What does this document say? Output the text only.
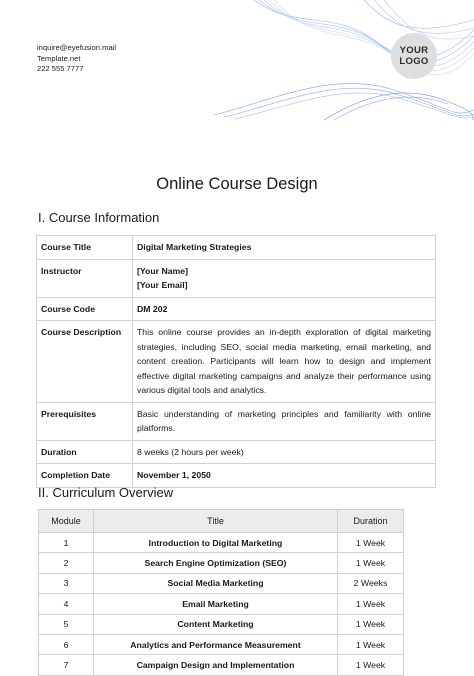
inquire@eyefusion.mail
Template.net
222 555 7777
YOUR
LOGO
Online Course Design
I. Course Information
Course Title	Digital Marketing Strategies
Instructor	[Your Name]
[Your Email]

Course Code	DM 202
Course Description	This online course provides an in-depth exploration of digital marketing strategies, including SEO, social media marketing, email marketing, and content creation. Participants will learn how to design and implement effective digital marketing campaigns and analyze their performance using various digital tools and analytics.
Prerequisites	Basic understanding of marketing principles and familiarity with online platforms.
Duration	8 weeks (2 hours per week)
Completion Date	November 1, 2050
II. Curriculum Overview
Module	Title	Duration
1	Introduction to Digital Marketing	1 Week
2	Search Engine Optimization (SEO)	1 Week
3	Social Media Marketing	2 Weeks
4	Email Marketing	1 Week
5	Content Marketing	1 Week
6	Analytics and Performance Measurement	1 Week
7	Campaign Design and Implementation	1 Week
